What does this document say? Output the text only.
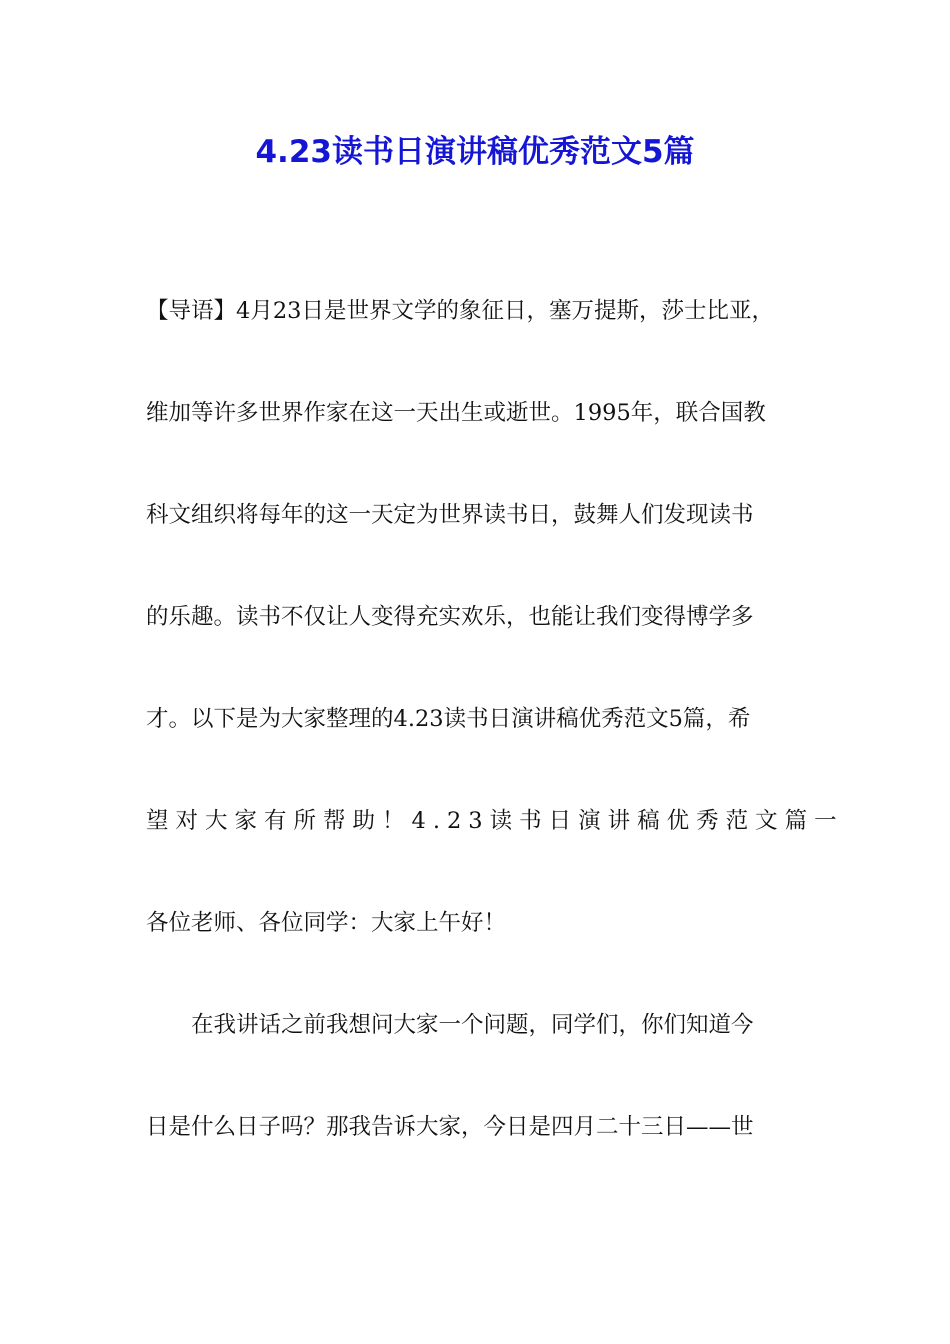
4.23读书日演讲稿优秀范文5篇
【导语】4月23日是世界文学的象征日，塞万提斯，莎士比亚，
维加等许多世界作家在这一天出生或逝世。1995年，联合国教
科文组织将每年的这一天定为世界读书日，鼓舞人们发现读书
的乐趣。读书不仅让人变得充实欢乐，也能让我们变得博学多
才。以下是为大家整理的4.23读书日演讲稿优秀范文5篇，希
望对大家有所帮助！4.23读书日演讲稿优秀范文篇一
各位老师、各位同学：大家上午好！
　　在我讲话之前我想问大家一个问题，同学们，你们知道今
日是什么日子吗？那我告诉大家，今日是四月二十三日——世
